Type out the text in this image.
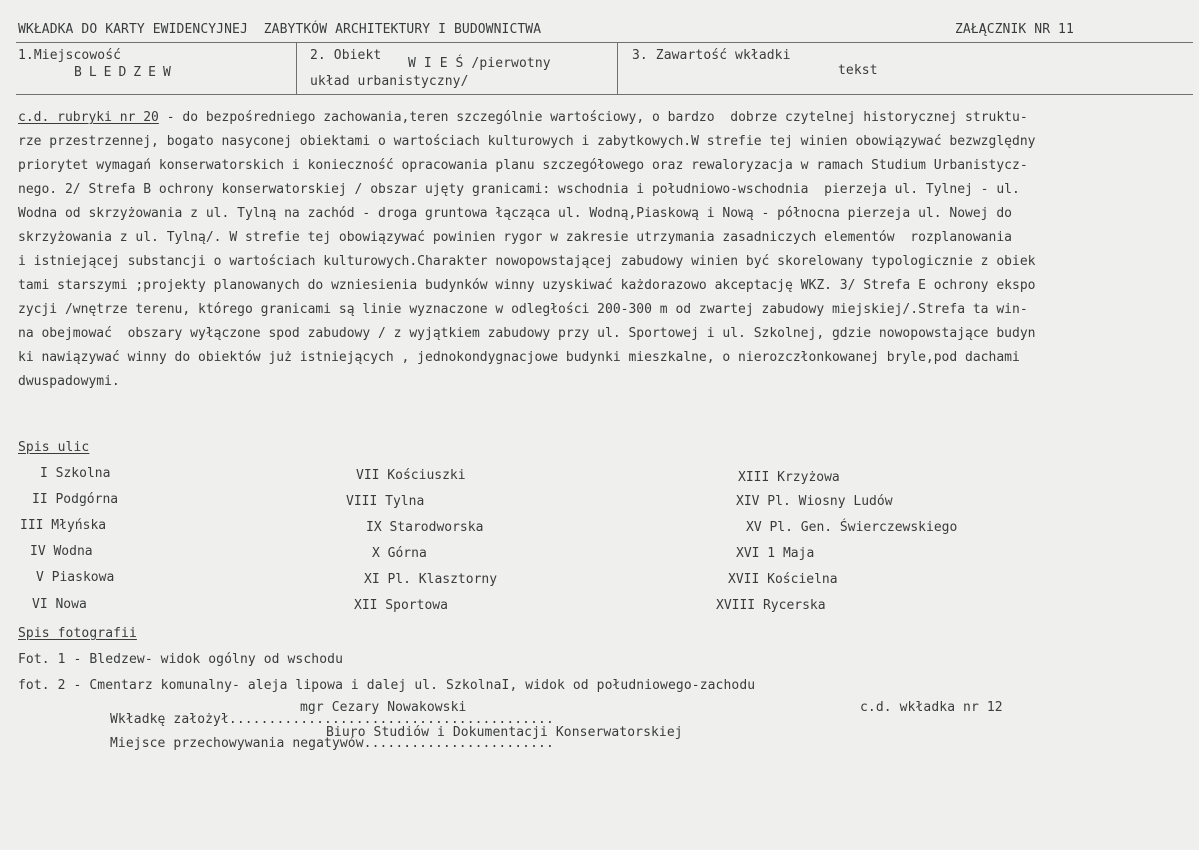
WKŁADKA DO KARTY EWIDENCYJNEJ  ZABYTKÓW ARCHITEKTURY I BUDOWNICTWA	ZAŁĄCZNIK NR 11
1.Miejscowość
BLEDZEW
2. Obiekt
W I E Ś /pierwotny
układ urbanistyczny/
3. Zawartość wkładki
tekst
c.d. rubryki nr 20 - do bezpośredniego zachowania,teren szczególnie wartościowy, o bardzo  dobrze czytelnej historycznej struktu-
rze przestrzennej, bogato nasyconej obiektami o wartościach kulturowych i zabytkowych.W strefie tej winien obowiązywać bezwzględny
priorytet wymagań konserwatorskich i konieczność opracowania planu szczegółowego oraz rewaloryzacja w ramach Studium Urbanistycz-
nego. 2/ Strefa B ochrony konserwatorskiej / obszar ujęty granicami: wschodnia i południowo-wschodnia  pierzeja ul. Tylnej - ul.
Wodna od skrzyżowania z ul. Tylną na zachód - droga gruntowa łącząca ul. Wodną,Piaskową i Nową - północna pierzeja ul. Nowej do
skrzyżowania z ul. Tylną/. W strefie tej obowiązywać powinien rygor w zakresie utrzymania zasadniczych elementów  rozplanowania
i istniejącej substancji o wartościach kulturowych.Charakter nowopowstającej zabudowy winien być skorelowany typologicznie z obiek
tami starszymi ;projekty planowanych do wzniesienia budynków winny uzyskiwać każdorazowo akceptację WKZ. 3/ Strefa E ochrony ekspo
zycji /wnętrze terenu, którego granicami są linie wyznaczone w odległości 200-300 m od zwartej zabudowy miejskiej/.Strefa ta win-
na obejmować  obszary wyłączone spod zabudowy / z wyjątkiem zabudowy przy ul. Sportowej i ul. Szkolnej, gdzie nowopowstające budyn
ki nawiązywać winny do obiektów już istniejących , jednokondygnacjowe budynki mieszkalne, o nierozczłonkowanej bryle,pod dachami
dwuspadowymi.
Spis ulic
I Szkolna
II Podgórna
III Młyńska
IV Wodna
V Piaskowa
VI Nowa
VII Kościuszki
VIII Tylna
IX Starodworska
X Górna
XI Pl. Klasztorny
XII Sportowa
XIII Krzyżowa
XIV Pl. Wiosny Ludów
XV Pl. Gen. Świerczewskiego
XVI 1 Maja
XVII Kościelna
XVIII Rycerska
Spis fotografii
Fot. 1 - Bledzew- widok ogólny od wschodu
fot. 2 - Cmentarz komunalny- aleja lipowa i dalej ul. SzkolnaI, widok od południowego-zachodu
mgr Cezary Nowakowski	c.d. wkładka nr 12
Wkładkę założył.........................................
Biuro Studiów i Dokumentacji Konserwatorskiej
Miejsce przechowywania negatywów........................
